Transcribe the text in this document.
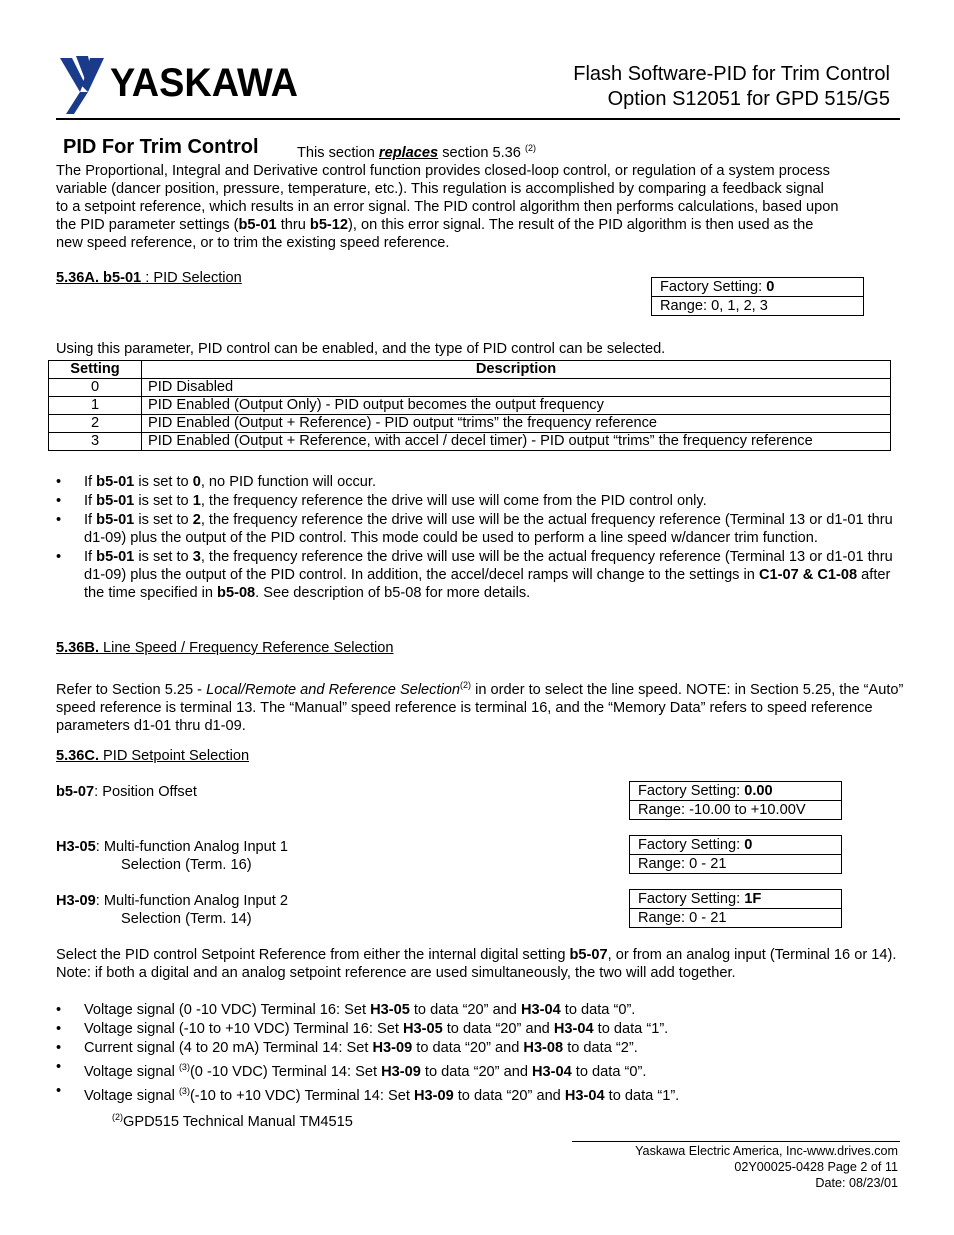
YASKAWA	Flash Software-PID for Trim Control
Option S12051 for GPD 515/G5
PID For Trim Control	This section replaces section 5.36 $^{(2)}$
The Proportional, Integral and Derivative control function provides closed-loop control, or regulation of a system process
variable (dancer position, pressure, temperature, etc.). This regulation is accomplished by comparing a feedback signal
to a setpoint reference, which results in an error signal. The PID control algorithm then performs calculations, based upon
the PID parameter settings (b5-01 thru b5-12), on this error signal. The result of the PID algorithm is then used as the
new speed reference, or to trim the existing speed reference.
5.36A. b5-01 : PID Selection
Factory Setting: 0
Range: 0, 1, 2, 3
Using this parameter, PID control can be enabled, and the type of PID control can be selected.
Setting	Description
0	PID Disabled
1	PID Enabled (Output Only) - PID output becomes the output frequency
2	PID Enabled (Output + Reference) - PID output “trims” the frequency reference
3	PID Enabled (Output + Reference, with accel / decel timer) - PID output “trims” the frequency reference
• If b5-01 is set to 0, no PID function will occur.
• If b5-01 is set to 1, the frequency reference the drive will use will come from the PID control only.
• If b5-01 is set to 2, the frequency reference the drive will use will be the actual frequency reference (Terminal 13 or d1-01 thru d1-09) plus the output of the PID control. This mode could be used to perform a line speed w/dancer trim function.
• If b5-01 is set to 3, the frequency reference the drive will use will be the actual frequency reference (Terminal 13 or d1-01 thru d1-09) plus the output of the PID control. In addition, the accel/decel ramps will change to the settings in C1-07 & C1-08 after the time specified in b5-08. See description of b5-08 for more details.
5.36B. Line Speed / Frequency Reference Selection
Refer to Section 5.25 - Local/Remote and Reference Selection$^{(2)}$ in order to select the line speed. NOTE: in Section 5.25, the “Auto” speed reference is terminal 13. The “Manual” speed reference is terminal 16, and the “Memory Data” refers to speed reference parameters d1-01 thru d1-09.
5.36C. PID Setpoint Selection
b5-07: Position Offset	Factory Setting: 0.00
Range: -10.00 to +10.00V
H3-05: Multi-function Analog Input 1
Selection (Term. 16)
Factory Setting: 0
Range: 0 - 21
H3-09: Multi-function Analog Input 2
Selection (Term. 14)
Factory Setting: 1F
Range: 0 - 21
Select the PID control Setpoint Reference from either the internal digital setting b5-07, or from an analog input (Terminal 16 or 14). Note: if both a digital and an analog setpoint reference are used simultaneously, the two will add together.
• Voltage signal (0 -10 VDC) Terminal 16: Set H3-05 to data “20” and H3-04 to data “0”.
• Voltage signal (-10 to +10 VDC) Terminal 16: Set H3-05 to data “20” and H3-04 to data “1”.
• Current signal (4 to 20 mA) Terminal 14: Set H3-09 to data “20” and H3-08 to data “2”.
• Voltage signal $^{(3)}$(0 -10 VDC) Terminal 14: Set H3-09 to data “20” and H3-04 to data “0”.
• Voltage signal $^{(3)}$(-10 to +10 VDC) Terminal 14: Set H3-09 to data “20” and H3-04 to data “1”.
$^{(2)}$GPD515 Technical Manual TM4515
Yaskawa Electric America, Inc-www.drives.com
02Y00025-0428 Page 2 of 11
Date: 08/23/01
